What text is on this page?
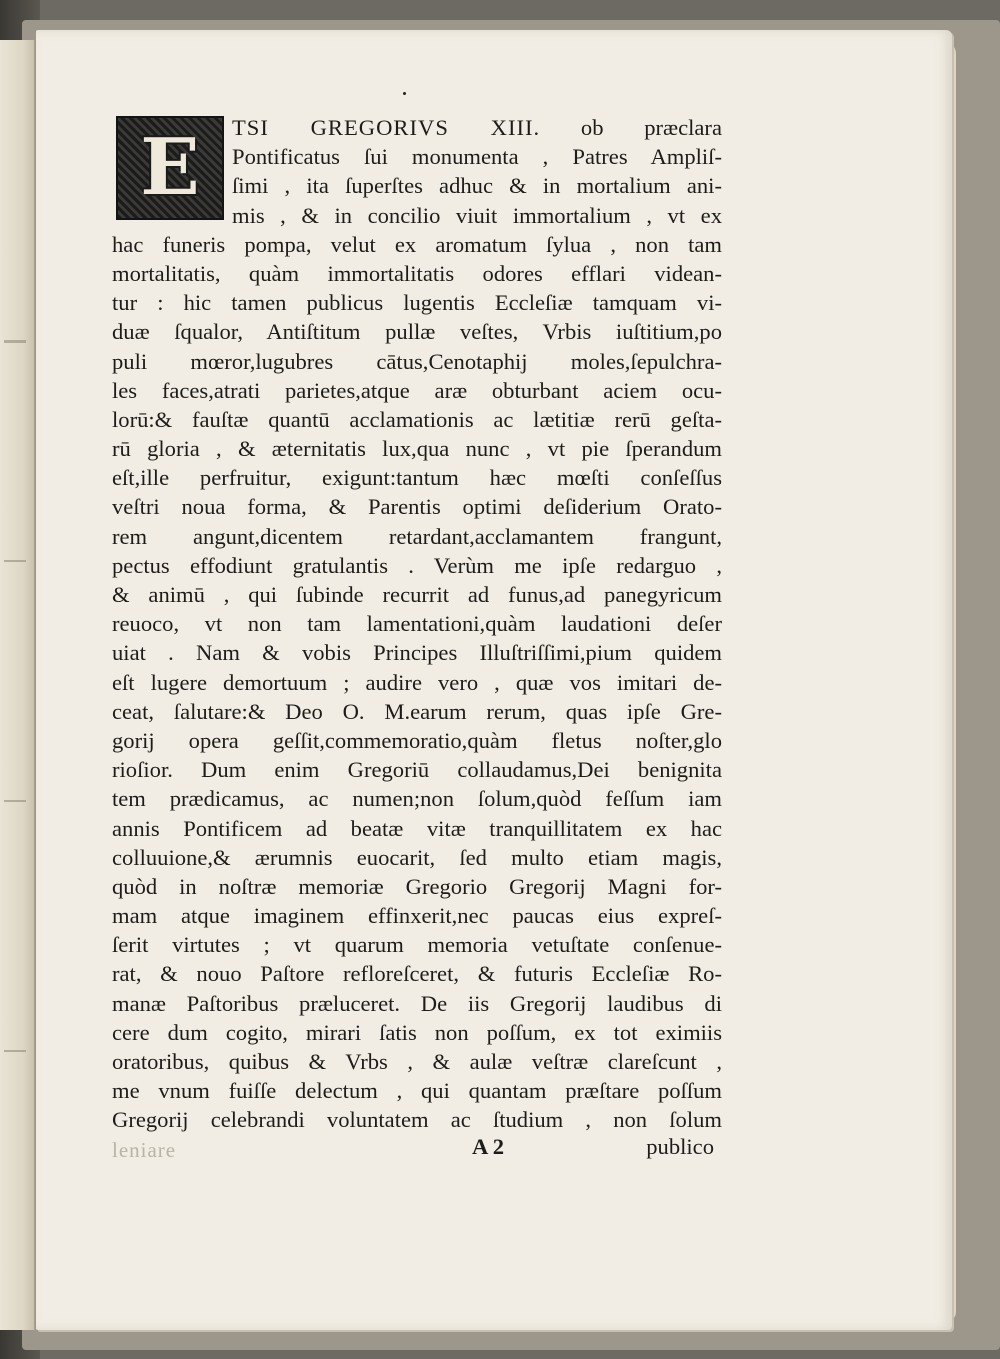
E	TSI GREGORIVS XIII. ob præclara
Pontificatus ſui monumenta , Patres Ampliſ-
ſimi , ita ſuperſtes adhuc & in mortalium ani-
mis , & in concilio viuit immortalium , vt ex
hac funeris pompa, velut ex aromatum ſylua , non tam
mortalitatis, quàm immortalitatis odores efflari videan-
tur : hic tamen publicus lugentis Eccleſiæ tamquam vi-
duæ ſqualor, Antiſtitum pullæ veſtes, Vrbis iuſtitium,po
puli mœror,lugubres cātus,Cenotaphij moles,ſepulchra-
les faces,atrati parietes,atque aræ obturbant aciem ocu-
lorū:& fauſtæ quantū acclamationis ac lætitiæ rerū geſta-
rū gloria , & æternitatis lux,qua nunc , vt pie ſperandum
eſt,ille perfruitur, exigunt:tantum hæc mœſti conſeſſus
veſtri noua forma, & Parentis optimi deſiderium Orato-
rem angunt,dicentem retardant,acclamantem frangunt,
pectus effodiunt gratulantis . Verùm me ipſe redarguo ,
& animū , qui ſubinde recurrit ad funus,ad panegyricum
reuoco, vt non tam lamentationi,quàm laudationi deſer
uiat . Nam & vobis Principes Illuſtriſſimi,pium quidem
eſt lugere demortuum ; audire vero , quæ vos imitari de-
ceat, ſalutare:& Deo O. M.earum rerum, quas ipſe Gre-
gorij opera geſſit,commemoratio,quàm fletus noſter,glo
rioſior. Dum enim Gregoriū collaudamus,Dei benignita
tem prædicamus, ac numen;non ſolum,quòd feſſum iam
annis Pontificem ad beatæ vitæ tranquillitatem ex hac
colluuione,& ærumnis euocarit, ſed multo etiam magis,
quòd in noſtræ memoriæ Gregorio Gregorij Magni for-
mam atque imaginem effinxerit,nec paucas eius expreſ-
ſerit virtutes ; vt quarum memoria vetuſtate conſenue-
rat, & nouo Paſtore refloreſceret, & futuris Eccleſiæ Ro-
manæ Paſtoribus præluceret. De iis Gregorij laudibus di
cere dum cogito, mirari ſatis non poſſum, ex tot eximiis
oratoribus, quibus & Vrbs , & aulæ veſtræ clareſcunt ,
me vnum fuiſſe delectum , qui quantam præſtare poſſum
Gregorij celebrandi voluntatem ac ſtudium , non ſolum
leniare	A 2	publico
